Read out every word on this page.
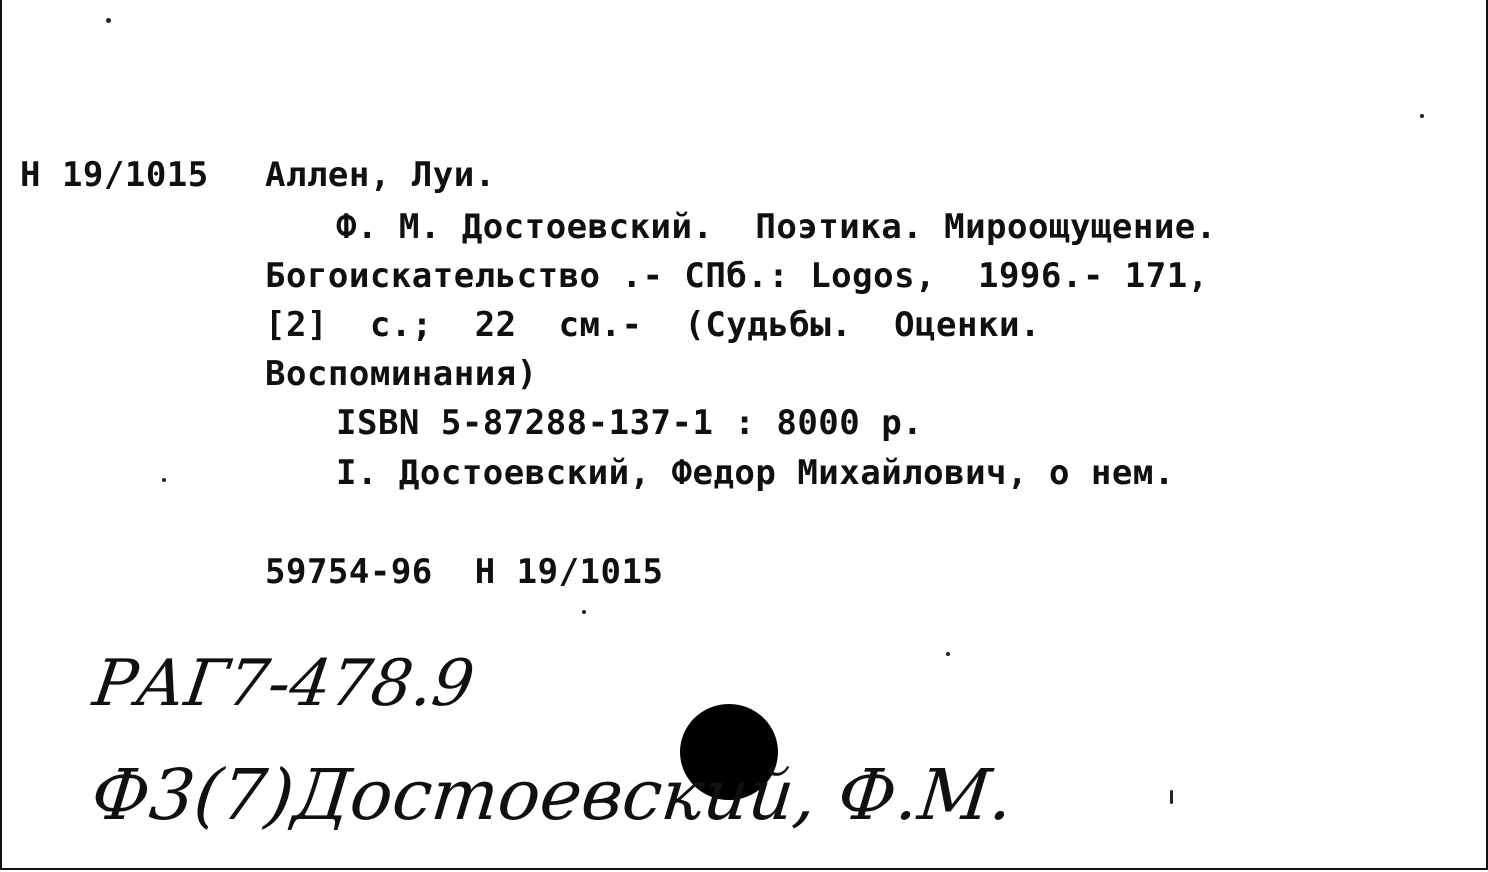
Н 19/1015 Аллен, Луи.
Ф. М. Достоевский.  Поэтика. Мироощущение.
Богоискательство .- СПб.: Logos,  1996.- 171,
[2]  с.;  22  см.-  (Судьбы.  Оценки.
Воспоминания)
ISBN 5-87288-137-1 : 8000 р.
I. Достоевский, Федор Михайлович, о нем.
59754-96  Н 19/1015
РАГ7-478.9
Ф3(7)Достоевский, Ф.М.
